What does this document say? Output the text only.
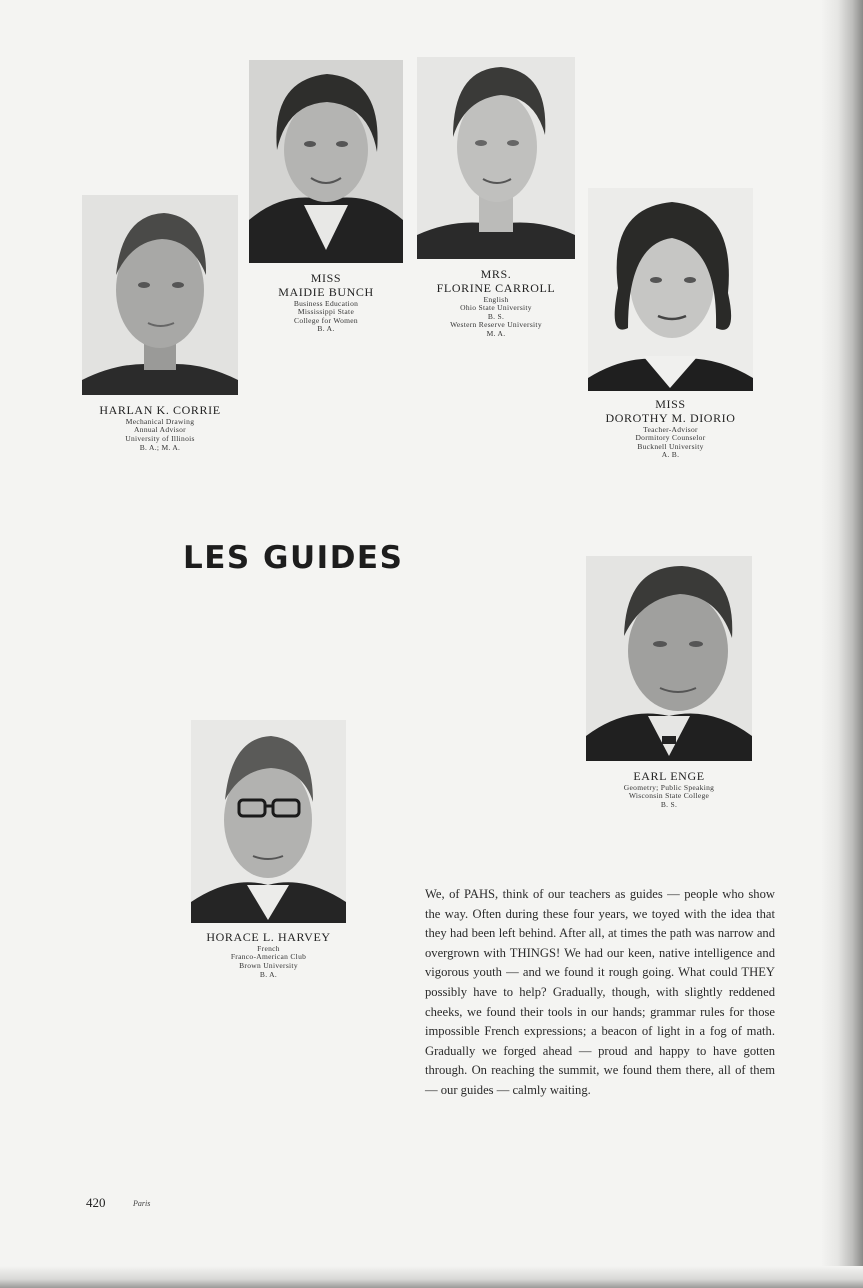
HARLAN K. CORRIE
Mechanical Drawing
Annual Advisor
University of Illinois
B. A.; M. A.
MISS
MAIDIE BUNCH
Business Education
Mississippi State
College for Women
B. A.
MRS.
FLORINE CARROLL
English
Ohio State University
B. S.
Western Reserve University
M. A.
MISS
DOROTHY M. DIORIO
Teacher-Advisor
Dormitory Counselor
Bucknell University
A. B.
LES GUIDES
EARL ENGE
Geometry; Public Speaking
Wisconsin State College
B. S.
HORACE L. HARVEY
French
Franco-American Club
Brown University
B. A.
We, of PAHS, think of our teachers as guides — people who show the way. Often during these four years, we toyed with the idea that they had been left behind. After all, at times the path was narrow and overgrown with THINGS! We had our keen, native intelligence and vigorous youth — and we found it rough going. What could THEY possibly have to help? Gradually, though, with slightly reddened cheeks, we found their tools in our hands; grammar rules for those impossible French expressions; a beacon of light in a fog of math. Gradually we forged ahead — proud and happy to have gotten through. On reaching the summit, we found them there, all of them — our guides — calmly waiting.
420	Paris
